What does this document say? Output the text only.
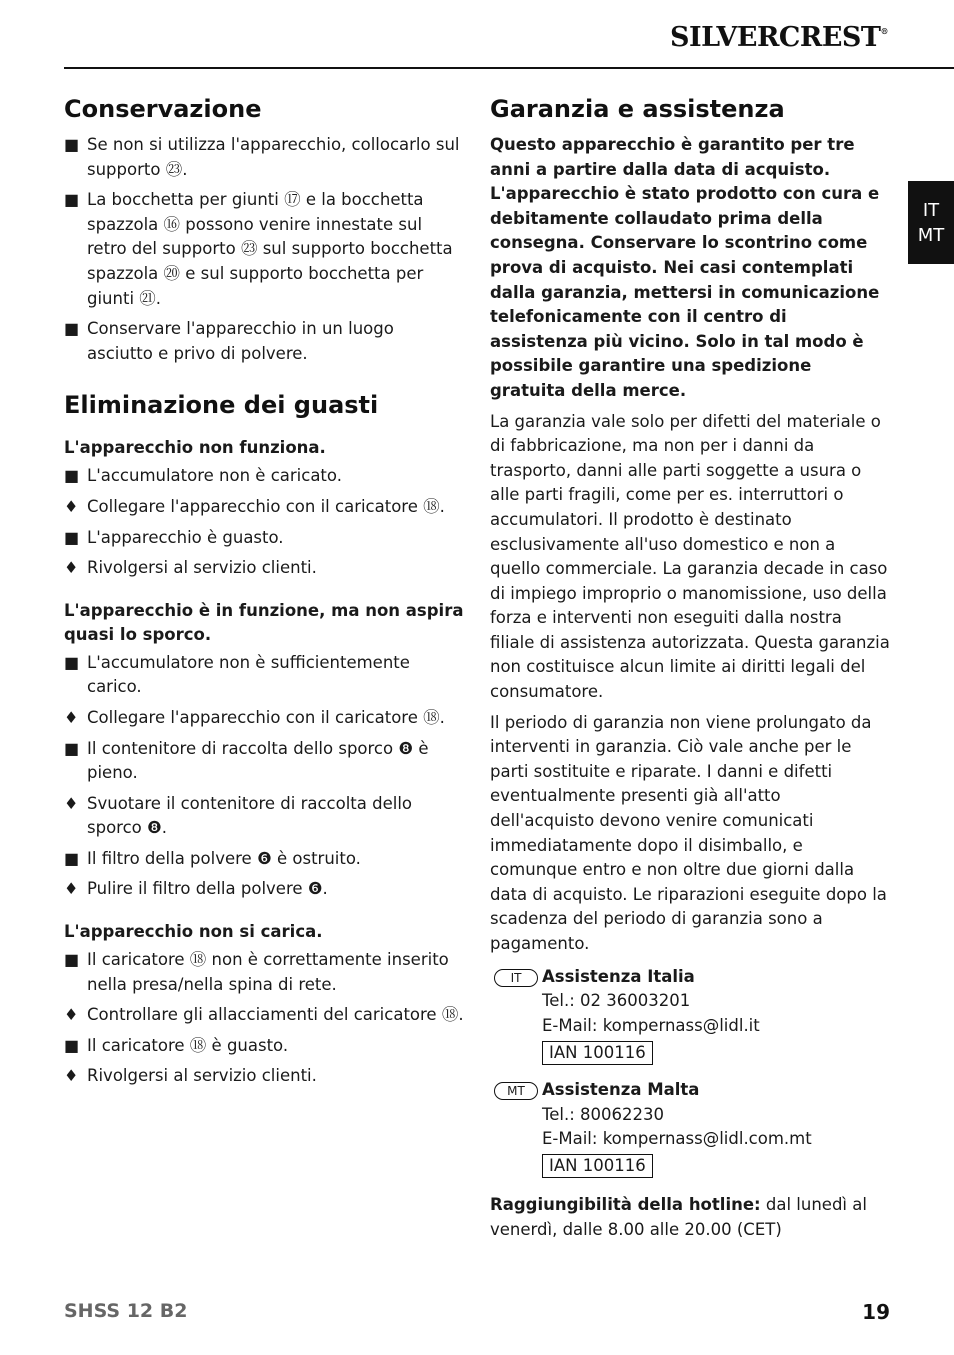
SILVERCREST®
IT
MT
Conservazione
■ Se non si utilizza l'apparecchio, collocarlo sul supporto ㉓.
■ La bocchetta per giunti ⑰ e la bocchetta spazzola ⑯ possono venire innestate sul retro del supporto ㉓ sul supporto bocchetta spazzola ⑳ e sul supporto bocchetta per giunti ㉑.
■ Conservare l'apparecchio in un luogo asciutto e privo di polvere.
Eliminazione dei guasti
L'apparecchio non funziona.
■ L'accumulatore non è caricato.
♦ Collegare l'apparecchio con il caricatore ⑱.
■ L'apparecchio è guasto.
♦ Rivolgersi al servizio clienti.
L'apparecchio è in funzione, ma non aspira quasi lo sporco.
■ L'accumulatore non è sufficientemente carico.
♦ Collegare l'apparecchio con il caricatore ⑱.
■ Il contenitore di raccolta dello sporco ❽ è pieno.
♦ Svuotare il contenitore di raccolta dello sporco ❽.
■ Il filtro della polvere ❻ è ostruito.
♦ Pulire il filtro della polvere ❻.
L'apparecchio non si carica.
■ Il caricatore ⑱ non è correttamente inserito nella presa/nella spina di rete.
♦ Controllare gli allacciamenti del caricatore ⑱.
■ Il caricatore ⑱ è guasto.
♦ Rivolgersi al servizio clienti.
Garanzia e assistenza
Questo apparecchio è garantito per tre anni a partire dalla data di acquisto. L'apparecchio è stato prodotto con cura e debitamente collaudato prima della consegna. Conservare lo scontrino come prova di acquisto. Nei casi contemplati dalla garanzia, mettersi in comunicazione telefonicamente con il centro di assistenza più vicino. Solo in tal modo è possibile garantire una spedizione gratuita della merce.
La garanzia vale solo per difetti del materiale o di fabbricazione, ma non per i danni da trasporto, danni alle parti soggette a usura o alle parti fragili, come per es. interruttori o accumulatori. Il prodotto è destinato esclusivamente all'uso domestico e non a quello commerciale. La garanzia decade in caso di impiego improprio o manomissione, uso della forza e interventi non eseguiti dalla nostra filiale di assistenza autorizzata. Questa garanzia non costituisce alcun limite ai diritti legali del consumatore.
Il periodo di garanzia non viene prolungato da interventi in garanzia. Ciò vale anche per le parti sostituite e riparate. I danni e difetti eventualmente presenti già all'atto dell'acquisto devono venire comunicati immediatamente dopo il disimballo, e comunque entro e non oltre due giorni dalla data di acquisto. Le riparazioni eseguite dopo la scadenza del periodo di garanzia sono a pagamento.
IT	Assistenza Italia
Tel.: 02 36003201
E-Mail: kompernass@lidl.it
IAN 100116
MT	Assistenza Malta
Tel.: 80062230
E-Mail: kompernass@lidl.com.mt
IAN 100116
Raggiungibilità della hotline: dal lunedì al venerdì, dalle 8.00 alle 20.00 (CET)
SHSS 12 B2	19
